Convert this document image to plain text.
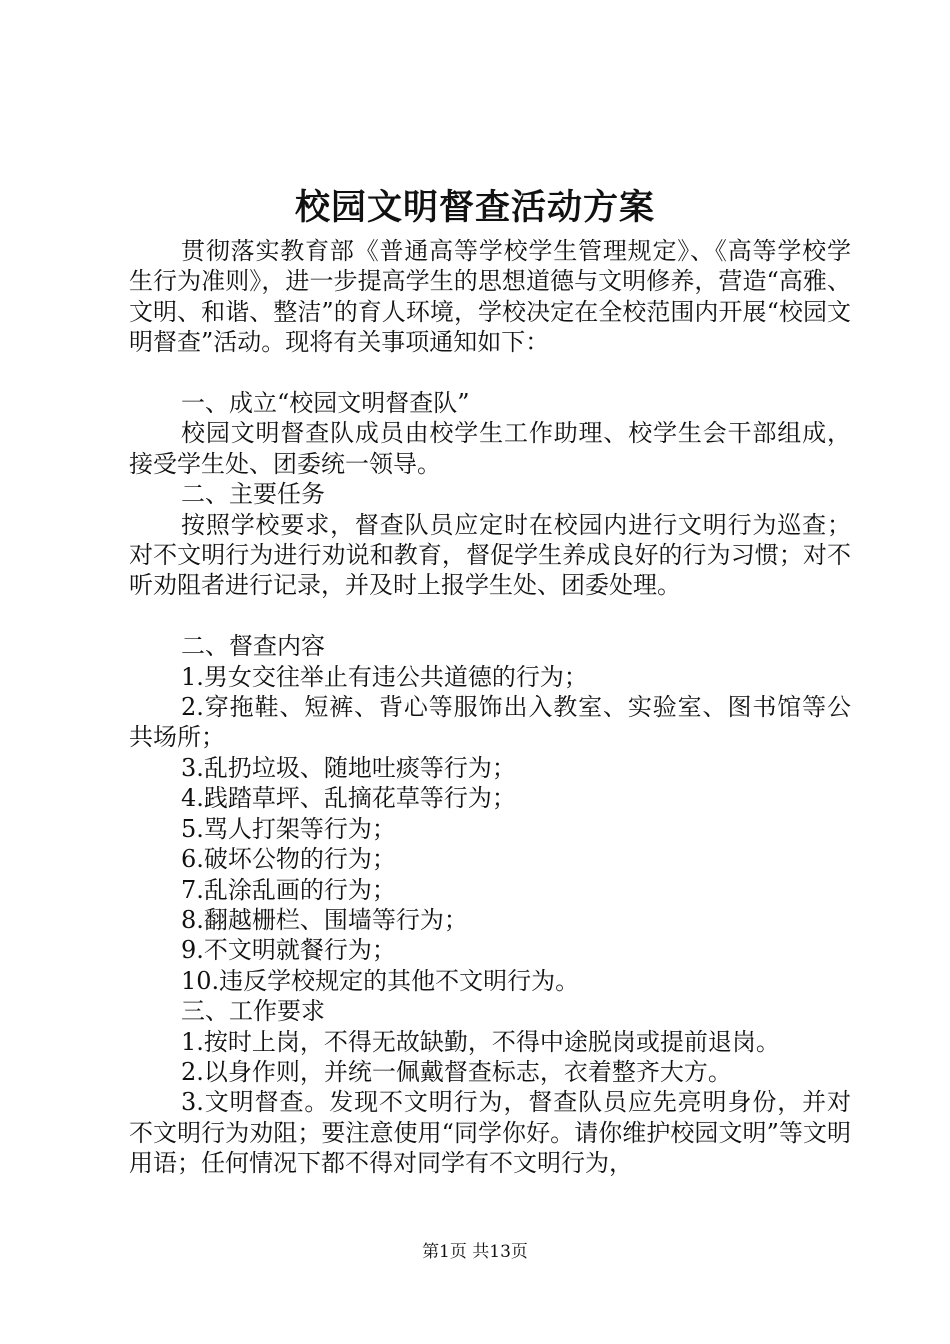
校园文明督查活动方案

贯彻落实教育部《普通高等学校学生管理规定》、《高等学校学生行为准则》，进一步提高学生的思想道德与文明修养，营造“高雅、文明、和谐、整洁”的育人环境，学校决定在全校范围内开展“校园文明督查”活动。现将有关事项通知如下：

一、成立“校园文明督查队”

校园文明督查队成员由校学生工作助理、校学生会干部组成，接受学生处、团委统一领导。

二、主要任务

按照学校要求，督查队员应定时在校园内进行文明行为巡查；对不文明行为进行劝说和教育，督促学生养成良好的行为习惯；对不听劝阻者进行记录，并及时上报学生处、团委处理。

二、督查内容

1.男女交往举止有违公共道德的行为；

2.穿拖鞋、短裤、背心等服饰出入教室、实验室、图书馆等公共场所；

3.乱扔垃圾、随地吐痰等行为；

4.践踏草坪、乱摘花草等行为；

5.骂人打架等行为；

6.破坏公物的行为；

7.乱涂乱画的行为；

8.翻越栅栏、围墙等行为；

9.不文明就餐行为；

10.违反学校规定的其他不文明行为。

三、工作要求

1.按时上岗，不得无故缺勤，不得中途脱岗或提前退岗。

2.以身作则，并统一佩戴督查标志，衣着整齐大方。

3.文明督查。发现不文明行为，督查队员应先亮明身份，并对不文明行为劝阻；要注意使用“同学你好。请你维护校园文明”等文明用语；任何情况下都不得对同学有不文明行为，

第1页 共13页
